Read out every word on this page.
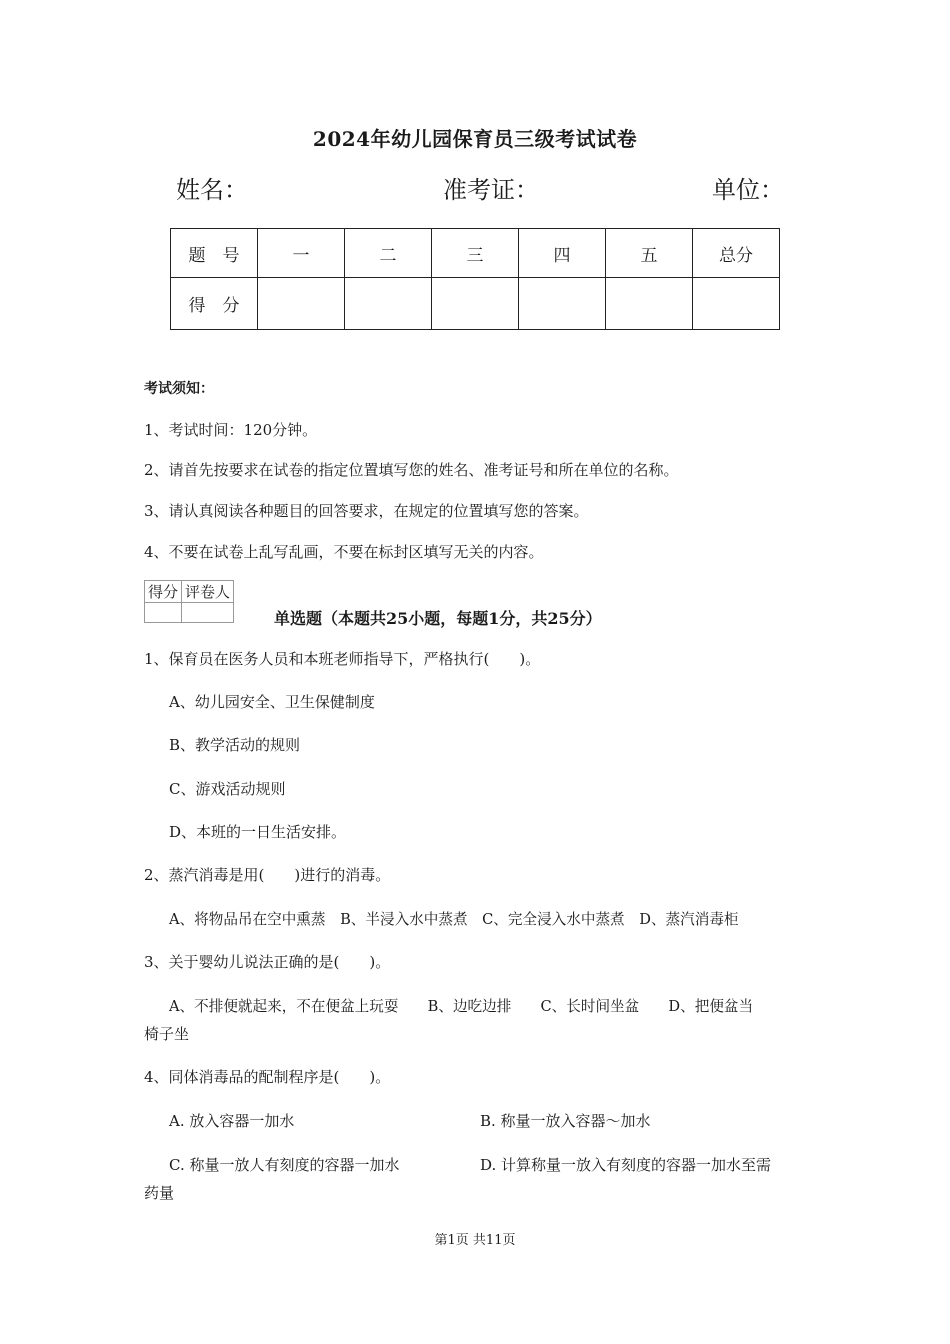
2024年幼儿园保育员三级考试试卷
姓名：	准考证：	单位：
题　号	一	二	三	四	五	总分
得　分						
考试须知：
1、考试时间：120分钟。
2、请首先按要求在试卷的指定位置填写您的姓名、准考证号和所在单位的名称。
3、请认真阅读各种题目的回答要求，在规定的位置填写您的答案。
4、不要在试卷上乱写乱画，不要在标封区填写无关的内容。
得分	评卷人

单选题（本题共25小题，每题1分，共25分）
1、保育员在医务人员和本班老师指导下，严格执行(　　)。
A、幼儿园安全、卫生保健制度
B、教学活动的规则
C、游戏活动规则
D、本班的一日生活安排。
2、蒸汽消毒是用(　　)进行的消毒。
A、将物品吊在空中熏蒸　B、半浸入水中蒸煮　C、完全浸入水中蒸煮　D、蒸汽消毒柜
3、关于婴幼儿说法正确的是(　　)。
A、不排便就起来，不在便盆上玩耍　　B、边吃边排　　C、长时间坐盆　　D、把便盆当
椅子坐
4、同体消毒品的配制程序是(　　)。
A. 放入容器一加水	B. 称量一放入容器～加水
C. 称量一放人有刻度的容器一加水	D. 计算称量一放入有刻度的容器一加水至需
药量
第1页 共11页
